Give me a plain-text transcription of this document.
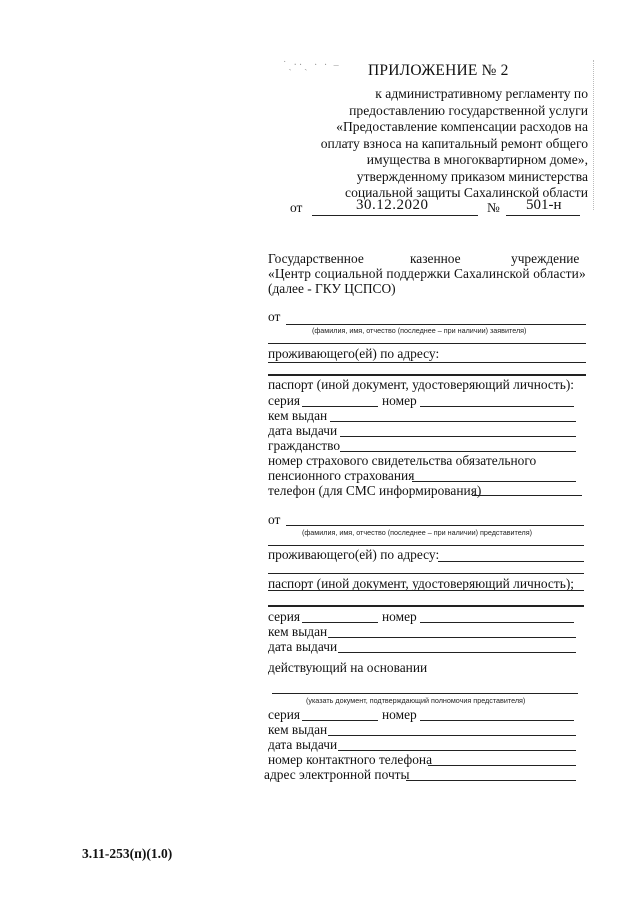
˙ˏ‧·ˎ · · ‒ ПРИЛОЖЕНИЕ № 2
к административному регламенту по
предоставлению государственной услуги
«Предоставление компенсации расходов на
оплату взноса на капитальный ремонт общего
имущества в многоквартирном доме»,
утвержденному приказом министерства
социальной защиты Сахалинской области
от	30.12.2020	№ 501-н
Государственное	казенное	учреждение
«Центр социальной поддержки Сахалинской области»
(далее - ГКУ ЦСПСО)
от
(фамилия, имя, отчество (последнее – при наличии) заявителя)
проживающего(ей) по адресу:
паспорт (иной документ, удостоверяющий личность):
серия	номер
кем выдан
дата выдачи
гражданство
номер страхового свидетельства обязательного
пенсионного страхования
телефон (для СМС информирования)
от
(фамилия, имя, отчество (последнее – при наличии) представителя)
проживающего(ей) по адресу:
паспорт (иной документ, удостоверяющий личность);
серия	номер
кем выдан
дата выдачи
действующий на основании
(указать документ, подтверждающий полномочия представителя)
серия	номер
кем выдан
дата выдачи
номер контактного телефона
адрес электронной почты
3.11-253(п)(1.0)
